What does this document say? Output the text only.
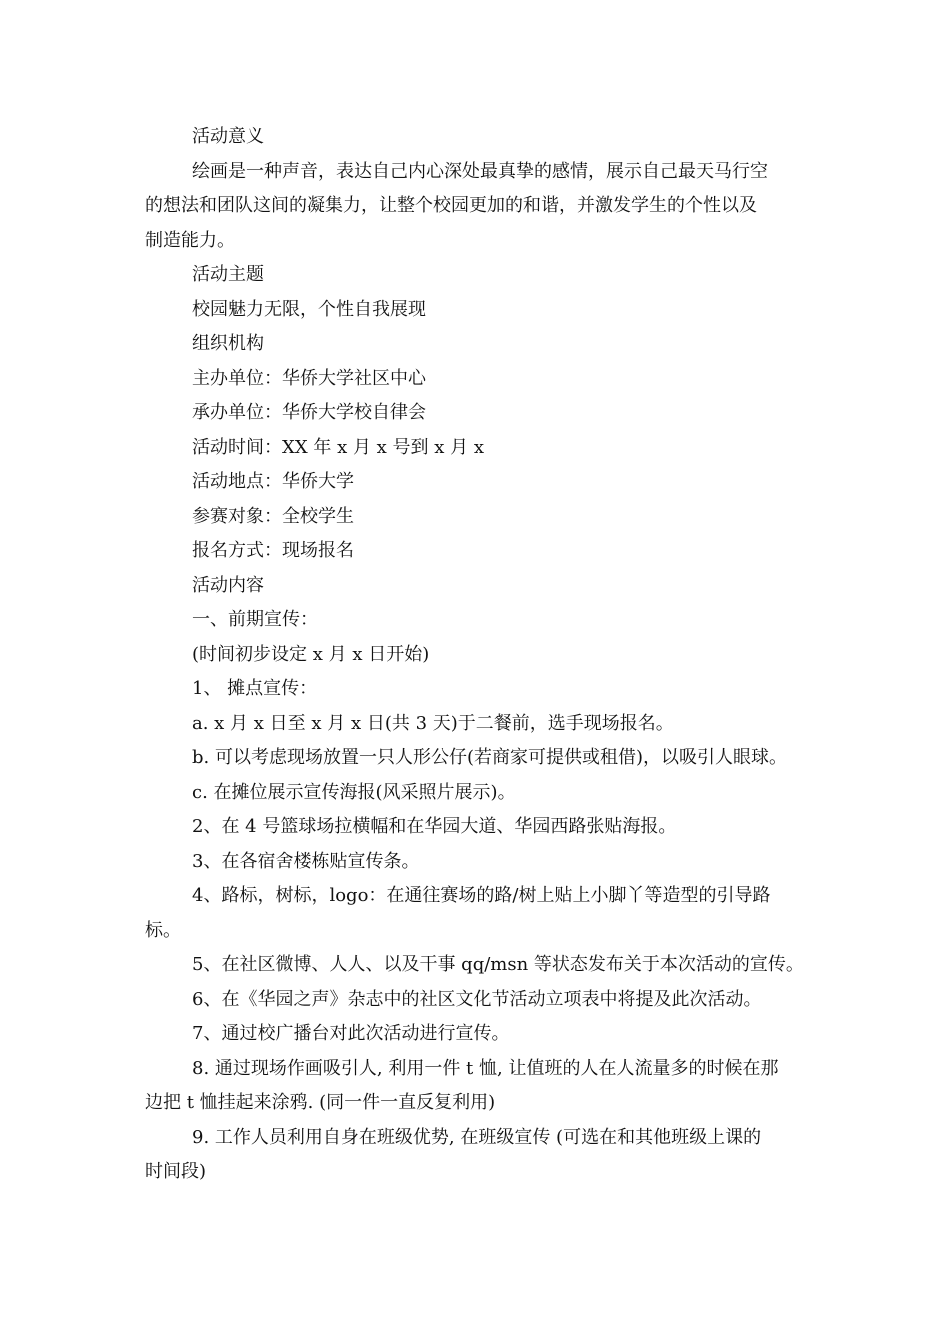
活动意义

绘画是一种声音，表达自己内心深处最真挚的感情，展示自己最天马行空
的想法和团队这间的凝集力，让整个校园更加的和谐，并激发学生的个性以及
制造能力。

活动主题

校园魅力无限，个性自我展现

组织机构

主办单位：华侨大学社区中心

承办单位：华侨大学校自律会

活动时间：XX 年 x 月 x 号到 x 月 x

活动地点：华侨大学

参赛对象：全校学生

报名方式：现场报名

活动内容

一、前期宣传：

(时间初步设定 x 月 x 日开始)

1、 摊点宣传：

a. x 月 x 日至 x 月 x 日(共 3 天)于二餐前，选手现场报名。

b. 可以考虑现场放置一只人形公仔(若商家可提供或租借)，以吸引人眼球。

c. 在摊位展示宣传海报(风采照片展示)。

2、在 4 号篮球场拉横幅和在华园大道、华园西路张贴海报。

3、在各宿舍楼栋贴宣传条。

4、路标，树标，logo：在通往赛场的路/树上贴上小脚丫等造型的引导路
标。

5、在社区微博、人人、以及干事 qq/msn 等状态发布关于本次活动的宣传。

6、在《华园之声》杂志中的社区文化节活动立项表中将提及此次活动。

7、通过校广播台对此次活动进行宣传。

8. 通过现场作画吸引人, 利用一件 t 恤, 让值班的人在人流量多的时候在那
边把 t 恤挂起来涂鸦. (同一件一直反复利用)
9. 工作人员利用自身在班级优势, 在班级宣传 (可选在和其他班级上课的
时间段)
